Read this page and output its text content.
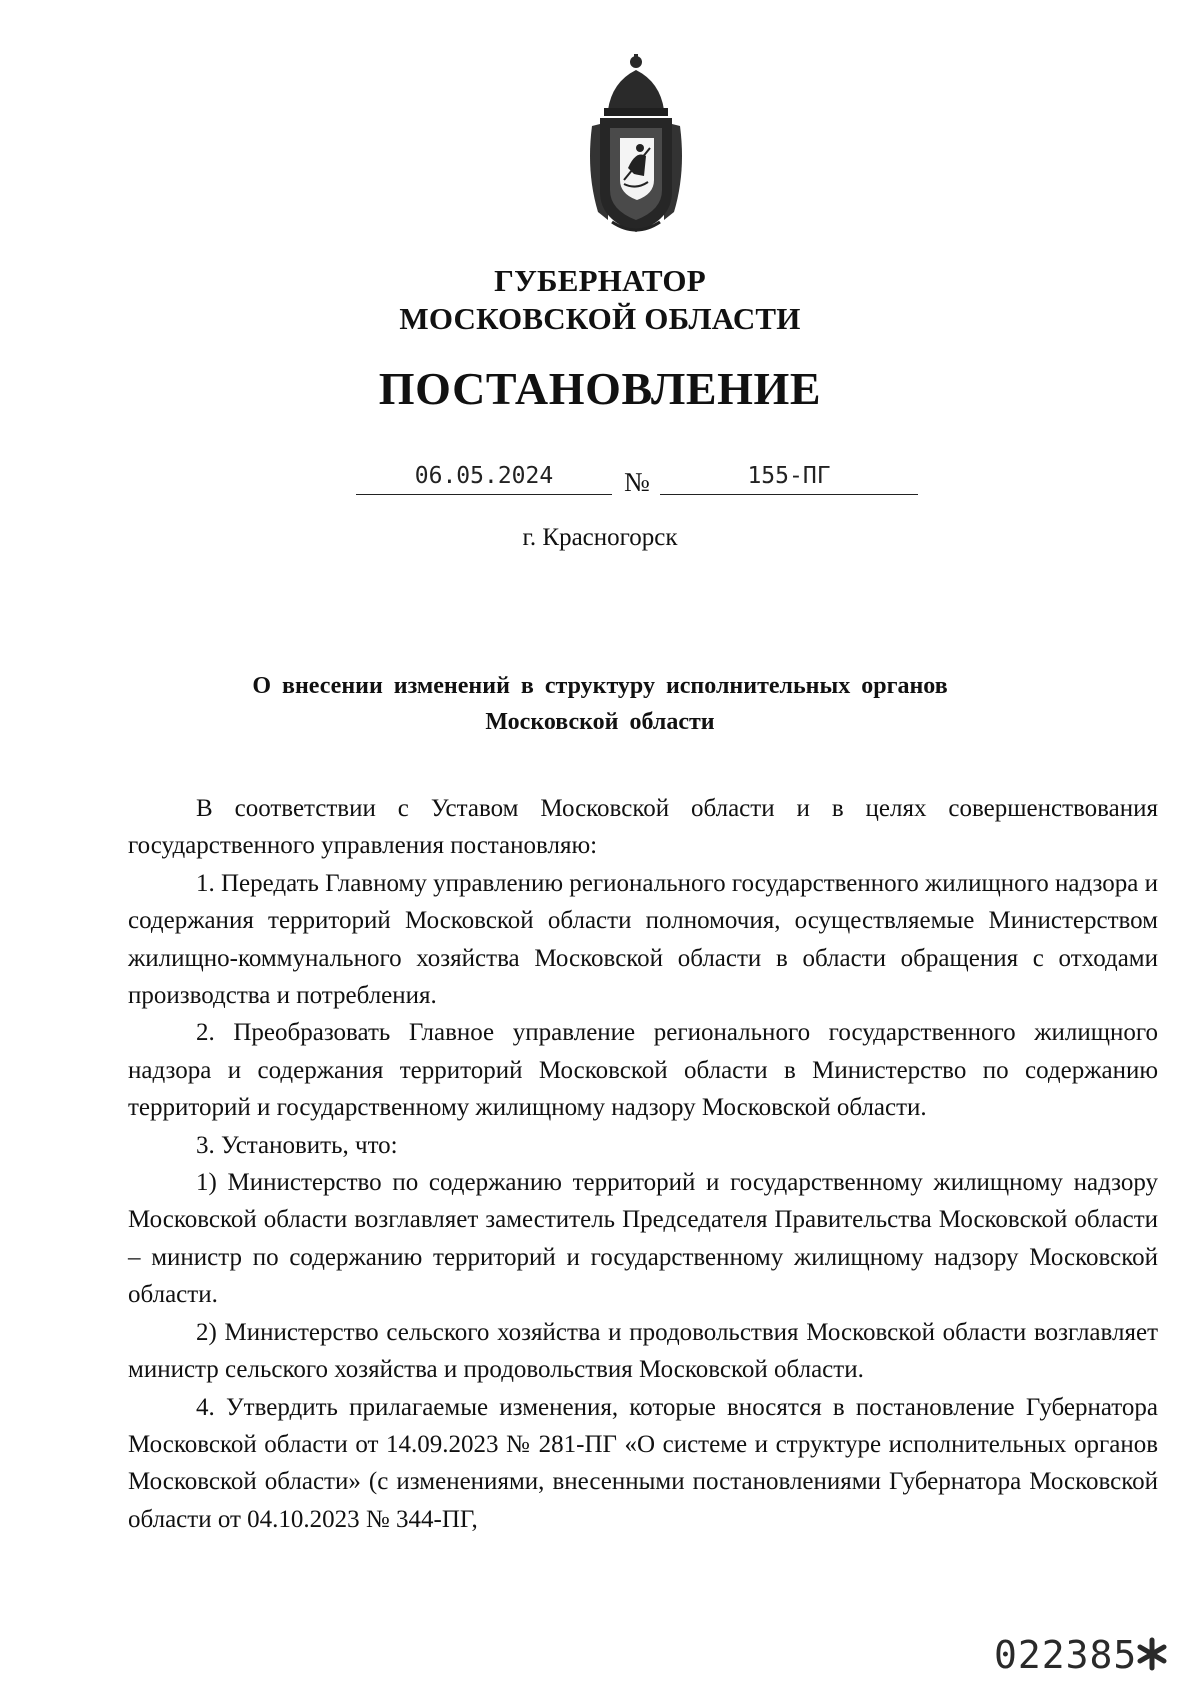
ГУБЕРНАТОР
МОСКОВСКОЙ ОБЛАСТИ
ПОСТАНОВЛЕНИЕ
06.05.2024	№	155-ПГ
г. Красногорск
О внесении изменений в структуру исполнительных органов
Московской области

В соответствии с Уставом Московской области и в целях совершенствования государственного управления постановляю:

1. Передать Главному управлению регионального государственного жилищного надзора и содержания территорий Московской области полномочия, осуществляемые Министерством жилищно-коммунального хозяйства Московской области в области обращения с отходами производства и потребления.

2. Преобразовать Главное управление регионального государственного жилищного надзора и содержания территорий Московской области в Министерство по содержанию территорий и государственному жилищному надзору Московской области.

3. Установить, что:

1) Министерство по содержанию территорий и государственному жилищному надзору Московской области возглавляет заместитель Председателя Правительства Московской области – министр по содержанию территорий и государственному жилищному надзору Московской области.

2) Министерство сельского хозяйства и продовольствия Московской области возглавляет министр сельского хозяйства и продовольствия Московской области.

4. Утвердить прилагаемые изменения, которые вносятся в постановление Губернатора Московской области от 14.09.2023 № 281-ПГ «О системе и структуре исполнительных органов Московской области» (с изменениями, внесенными постановлениями Губернатора Московской области от 04.10.2023 № 344-ПГ,

022385
